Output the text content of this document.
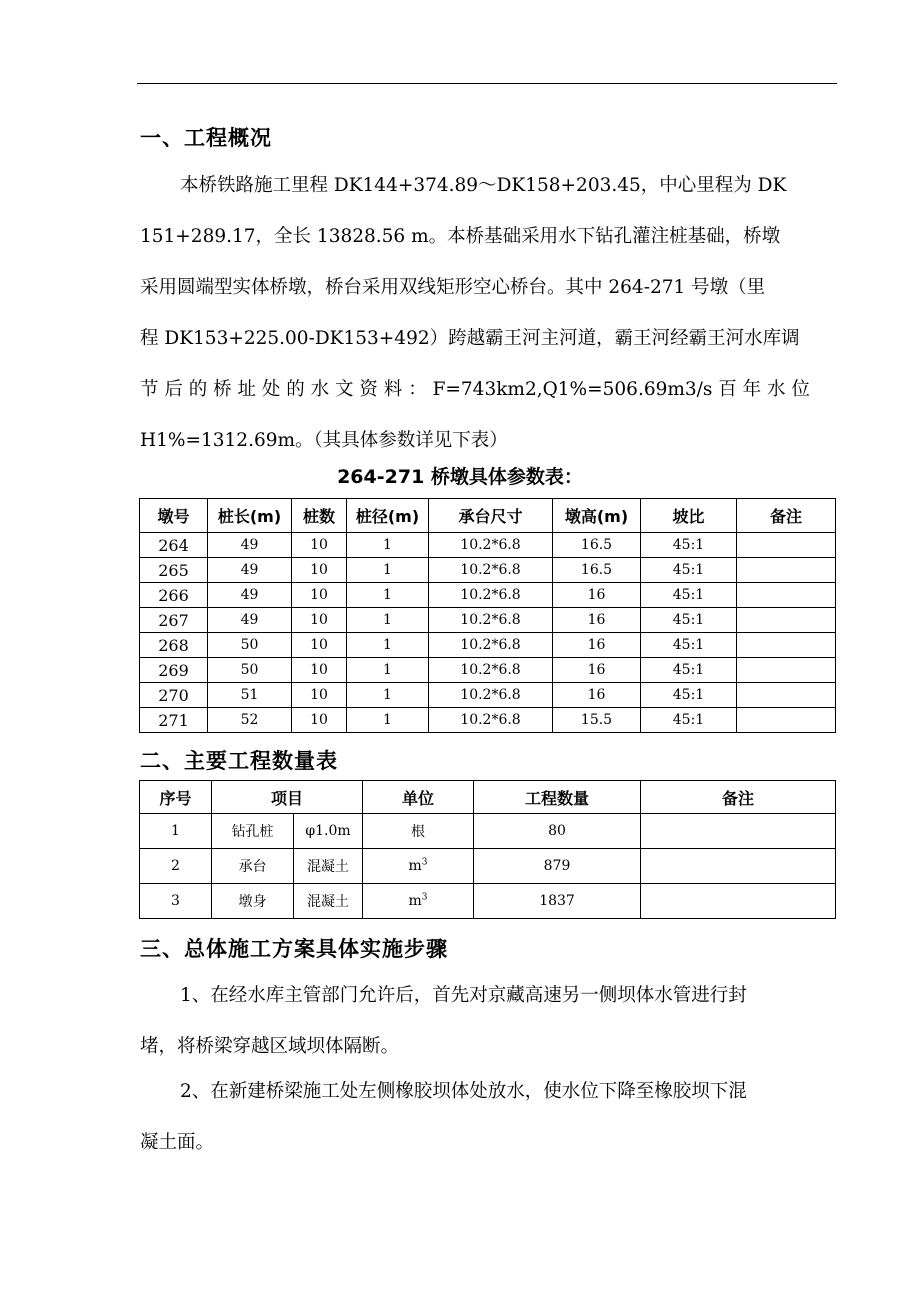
一、工程概况

本桥铁路施工里程 DK144+374.89～DK158+203.45，中心里程为 DK

151+289.17，全长 13828.56 m。本桥基础采用水下钻孔灌注桩基础，桥墩

采用圆端型实体桥墩，桥台采用双线矩形空心桥台。其中 264-271 号墩（里

程 DK153+225.00-DK153+492）跨越霸王河主河道，霸王河经霸王河水库调

节 后 的 桥 址 处 的 水 文 资 料 ： F=743km2,Q1%=506.69m3/s 百 年 水 位

H1%=1312.69m。（其具体参数详见下表）

264-271 桥墩具体参数表：
墩号	桩长(m)	桩数	桩径(m)	承台尺寸	墩高(m)	坡比	备注
264	49	10	1	10.2*6.8	16.5	45:1	
265	49	10	1	10.2*6.8	16.5	45:1	
266	49	10	1	10.2*6.8	16	45:1	
267	49	10	1	10.2*6.8	16	45:1	
268	50	10	1	10.2*6.8	16	45:1	
269	50	10	1	10.2*6.8	16	45:1	
270	51	10	1	10.2*6.8	16	45:1	
271	52	10	1	10.2*6.8	15.5	45:1	
二、主要工程数量表
序号	项目		单位	工程数量	备注
1	钻孔桩	φ1.0m	根	80	
2	承台	混凝土	$m^3$	879	
3	墩身	混凝土	$m^3$	1837	
三、总体施工方案具体实施步骤

1、在经水库主管部门允许后，首先对京藏高速另一侧坝体水管进行封

堵，将桥梁穿越区域坝体隔断。

2、在新建桥梁施工处左侧橡胶坝体处放水，使水位下降至橡胶坝下混

凝土面。
